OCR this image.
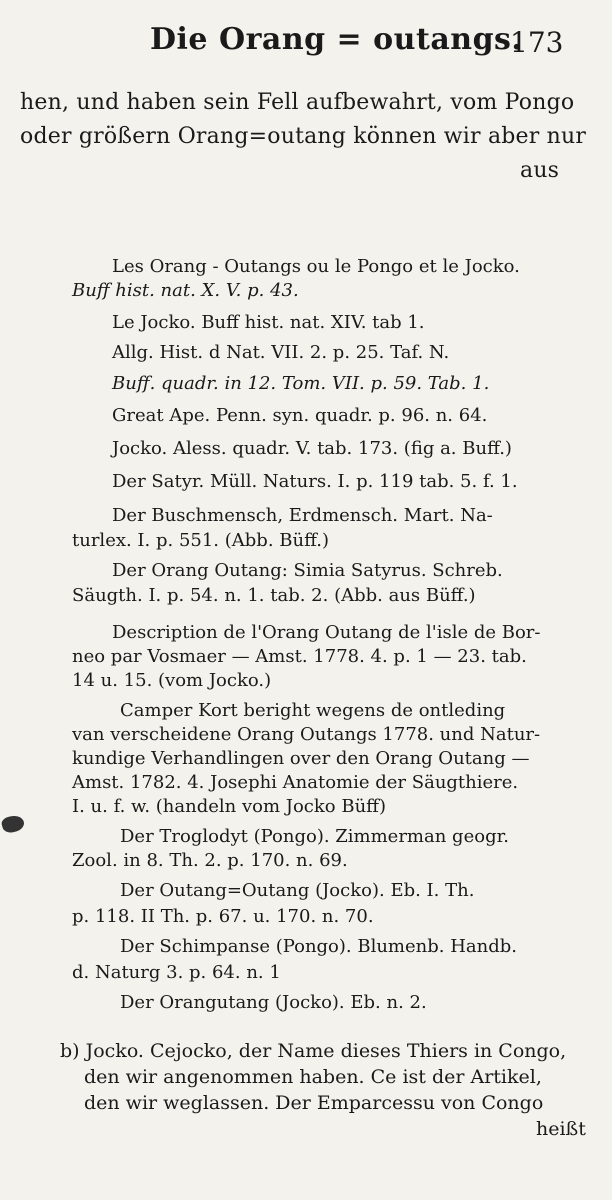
Die Orang = outangs.
173
hen, und haben sein Fell aufbewahrt, vom Pongo
oder größern Orang=outang können wir aber nur
aus
Les Orang - Outangs ou le Pongo et le Jocko.
Buff hist. nat. X. V. p. 43.
Le Jocko. Buff hist. nat. XIV. tab 1.
Allg. Hist. d Nat. VII. 2. p. 25. Taf. N.
Buff. quadr. in 12. Tom. VII. p. 59. Tab. 1.
Great Ape. Penn. syn. quadr. p. 96. n. 64.
Jocko. Aless. quadr. V. tab. 173. (fig a. Buff.)
Der Satyr. Müll. Naturs. I. p. 119 tab. 5. f. 1.
Der Buschmensch, Erdmensch. Mart. Na-
turlex. I. p. 551. (Abb. Büff.)
Der Orang Outang: Simia Satyrus. Schreb.
Säugth. I. p. 54. n. 1. tab. 2. (Abb. aus Büff.)
Description de l'Orang Outang de l'isle de Bor-
neo par Vosmaer — Amst. 1778. 4. p. 1 — 23. tab.
14 u. 15. (vom Jocko.)
Camper Kort beright wegens de ontleding
van verscheidene Orang Outangs 1778. und Natur-
kundige Verhandlingen over den Orang Outang —
Amst. 1782. 4. Josephi Anatomie der Säugthiere.
I. u. f. w. (handeln vom Jocko Büff)
Der Troglodyt (Pongo). Zimmerman geogr.
Zool. in 8. Th. 2. p. 170. n. 69.
Der Outang=Outang (Jocko). Eb. I. Th.
p. 118. II Th. p. 67. u. 170. n. 70.
Der Schimpanse (Pongo). Blumenb. Handb.
d. Naturg 3. p. 64. n. 1
Der Orangutang (Jocko). Eb. n. 2.
b) Jocko. Cejocko, der Name dieses Thiers in Congo,
den wir angenommen haben. Ce ist der Artikel,
den wir weglassen. Der Emparcessu von Congo
heißt
